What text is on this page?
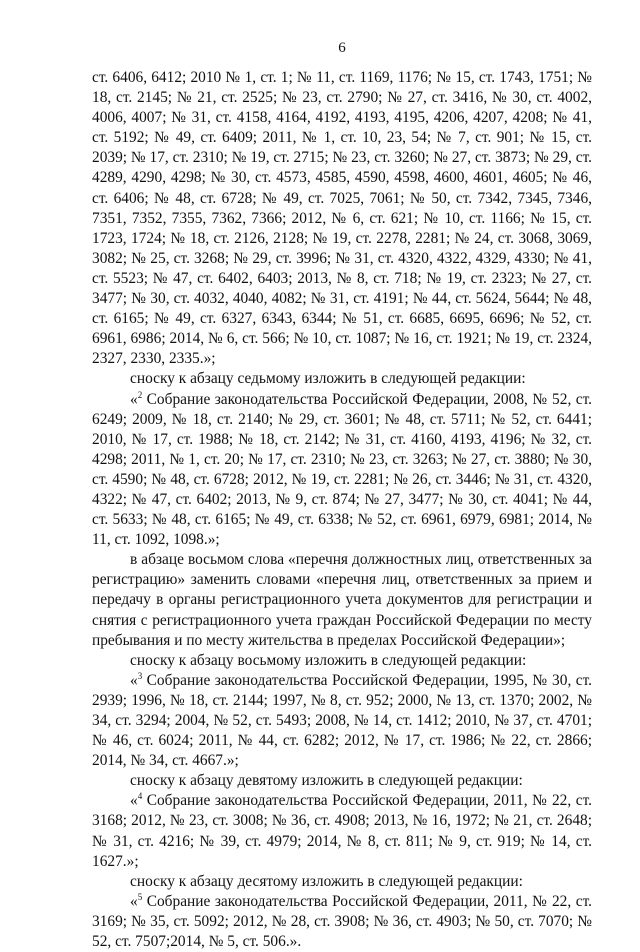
6

ст. 6406, 6412; 2010 № 1, ст. 1; № 11, ст. 1169, 1176; № 15, ст. 1743, 1751; № 18, ст. 2145; № 21, ст. 2525; № 23, ст. 2790; № 27, ст. 3416, № 30, ст. 4002, 4006, 4007; № 31, ст. 4158, 4164, 4192, 4193, 4195, 4206, 4207, 4208; № 41, ст. 5192; № 49, ст. 6409; 2011, № 1, ст. 10, 23, 54; № 7, ст. 901; № 15, ст. 2039; № 17, ст. 2310; № 19, ст. 2715; № 23, ст. 3260; № 27, ст. 3873; № 29, ст. 4289, 4290, 4298; № 30, ст. 4573, 4585, 4590, 4598, 4600, 4601, 4605; № 46, ст. 6406; № 48, ст. 6728; № 49, ст. 7025, 7061; № 50, ст. 7342, 7345, 7346, 7351, 7352, 7355, 7362, 7366; 2012, № 6, ст. 621; № 10, ст. 1166; № 15, ст. 1723, 1724; № 18, ст. 2126, 2128; № 19, ст. 2278, 2281; № 24, ст. 3068, 3069, 3082; № 25, ст. 3268; № 29, ст. 3996; № 31, ст. 4320, 4322, 4329, 4330; № 41, ст. 5523; № 47, ст. 6402, 6403; 2013, № 8, ст. 718; № 19, ст. 2323; № 27, ст. 3477; № 30, ст. 4032, 4040, 4082; № 31, ст. 4191; № 44, ст. 5624, 5644; № 48, ст. 6165; № 49, ст. 6327, 6343, 6344; № 51, ст. 6685, 6695, 6696; № 52, ст. 6961, 6986; 2014, № 6, ст. 566; № 10, ст. 1087; № 16, ст. 1921; № 19, ст. 2324, 2327, 2330, 2335.»;

сноску к абзацу седьмому изложить в следующей редакции:

«$^2$ Собрание законодательства Российской Федерации, 2008, № 52, ст. 6249; 2009, № 18, ст. 2140; № 29, ст. 3601; № 48, ст. 5711; № 52, ст. 6441; 2010, № 17, ст. 1988; № 18, ст. 2142; № 31, ст. 4160, 4193, 4196; № 32, ст. 4298; 2011, № 1, ст. 20; № 17, ст. 2310; № 23, ст. 3263; № 27, ст. 3880; № 30, ст. 4590; № 48, ст. 6728; 2012, № 19, ст. 2281; № 26, ст. 3446; № 31, ст. 4320, 4322; № 47, ст. 6402; 2013, № 9, ст. 874; № 27, 3477; № 30, ст. 4041; № 44, ст. 5633; № 48, ст. 6165; № 49, ст. 6338; № 52, ст. 6961, 6979, 6981; 2014, № 11, ст. 1092, 1098.»;

в абзаце восьмом слова «перечня должностных лиц, ответственных за регистрацию» заменить словами «перечня лиц, ответственных за прием и передачу в органы регистрационного учета документов для регистрации и снятия с регистрационного учета граждан Российской Федерации по месту пребывания и по месту жительства в пределах Российской Федерации»;

сноску к абзацу восьмому изложить в следующей редакции:

«$^3$ Собрание законодательства Российской Федерации, 1995, № 30, ст. 2939; 1996, № 18, ст. 2144; 1997, № 8, ст. 952; 2000, № 13, ст. 1370; 2002, № 34, ст. 3294; 2004, № 52, ст. 5493; 2008, № 14, ст. 1412; 2010, № 37, ст. 4701; № 46, ст. 6024; 2011, № 44, ст. 6282; 2012, № 17, ст. 1986; № 22, ст. 2866; 2014, № 34, ст. 4667.»;

сноску к абзацу девятому изложить в следующей редакции:

«$^4$ Собрание законодательства Российской Федерации, 2011, № 22, ст. 3168; 2012, № 23, ст. 3008; № 36, ст. 4908; 2013, № 16, 1972; № 21, ст. 2648; № 31, ст. 4216; № 39, ст. 4979; 2014, № 8, ст. 811; № 9, ст. 919; № 14, ст. 1627.»;

сноску к абзацу десятому изложить в следующей редакции:

«$^5$ Собрание законодательства Российской Федерации, 2011, № 22, ст. 3169; № 35, ст. 5092; 2012, № 28, ст. 3908; № 36, ст. 4903; № 50, ст. 7070; № 52, ст. 7507;2014, № 5, ст. 506.».
